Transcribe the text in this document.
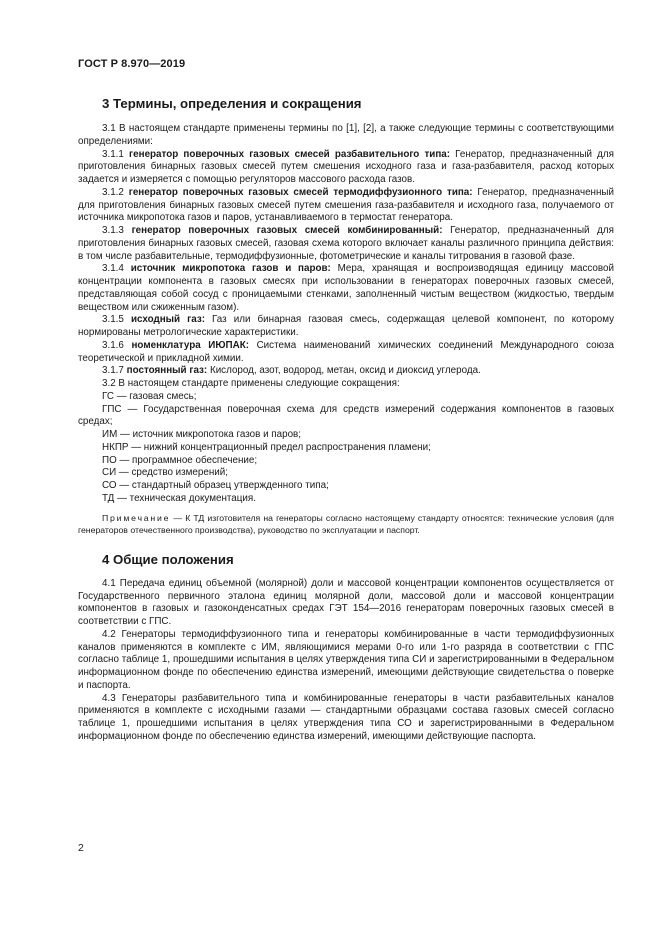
ГОСТ Р 8.970—2019
3 Термины, определения и сокращения

3.1 В настоящем стандарте применены термины по [1], [2], а также следующие термины с соответствующими определениями:

3.1.1 генератор поверочных газовых смесей разбавительного типа: Генератор, предназначенный для приготовления бинарных газовых смесей путем смешения исходного газа и газа-разбавителя, расход которых задается и измеряется с помощью регуляторов массового расхода газов.

3.1.2 генератор поверочных газовых смесей термодиффузионного типа: Генератор, предназначенный для приготовления бинарных газовых смесей путем смешения газа-разбавителя и исходного газа, получаемого от источника микропотока газов и паров, устанавливаемого в термостат генератора.

3.1.3 генератор поверочных газовых смесей комбинированный: Генератор, предназначенный для приготовления бинарных газовых смесей, газовая схема которого включает каналы различного принципа действия: в том числе разбавительные, термодиффузионные, фотометрические и каналы титрования в газовой фазе.

3.1.4 источник микропотока газов и паров: Мера, хранящая и воспроизводящая единицу массовой концентрации компонента в газовых смесях при использовании в генераторах поверочных газовых смесей, представляющая собой сосуд с проницаемыми стенками, заполненный чистым веществом (жидкостью, твердым веществом или сжиженным газом).

3.1.5 исходный газ: Газ или бинарная газовая смесь, содержащая целевой компонент, по которому нормированы метрологические характеристики.

3.1.6 номенклатура ИЮПАК: Система наименований химических соединений Международного союза теоретической и прикладной химии.

3.1.7 постоянный газ: Кислород, азот, водород, метан, оксид и диоксид углерода.

3.2 В настоящем стандарте применены следующие сокращения:

ГС — газовая смесь;

ГПС — Государственная поверочная схема для средств измерений содержания компонентов в газовых средах;

ИМ — источник микропотока газов и паров;

НКПР — нижний концентрационный предел распространения пламени;

ПО — программное обеспечение;

СИ — средство измерений;

СО — стандартный образец утвержденного типа;

ТД — техническая документация.

Примечание — К ТД изготовителя на генераторы согласно настоящему стандарту относятся: технические условия (для генераторов отечественного производства), руководство по эксплуатации и паспорт.
4 Общие положения

4.1 Передача единиц объемной (молярной) доли и массовой концентрации компонентов осуществляется от Государственного первичного эталона единиц молярной доли, массовой доли и массовой концентрации компонентов в газовых и газоконденсатных средах ГЭТ 154—2016 генераторам поверочных газовых смесей в соответствии с ГПС.

4.2 Генераторы термодиффузионного типа и генераторы комбинированные в части термодиффузионных каналов применяются в комплекте с ИМ, являющимися мерами 0-го или 1-го разряда в соответствии с ГПС согласно таблице 1, прошедшими испытания в целях утверждения типа СИ и зарегистрированными в Федеральном информационном фонде по обеспечению единства измерений, имеющими действующие свидетельства о поверке и паспорта.

4.3 Генераторы разбавительного типа и комбинированные генераторы в части разбавительных каналов применяются в комплекте с исходными газами — стандартными образцами состава газовых смесей согласно таблице 1, прошедшими испытания в целях утверждения типа СО и зарегистрированными в Федеральном информационном фонде по обеспечению единства измерений, имеющими действующие паспорта.

2
